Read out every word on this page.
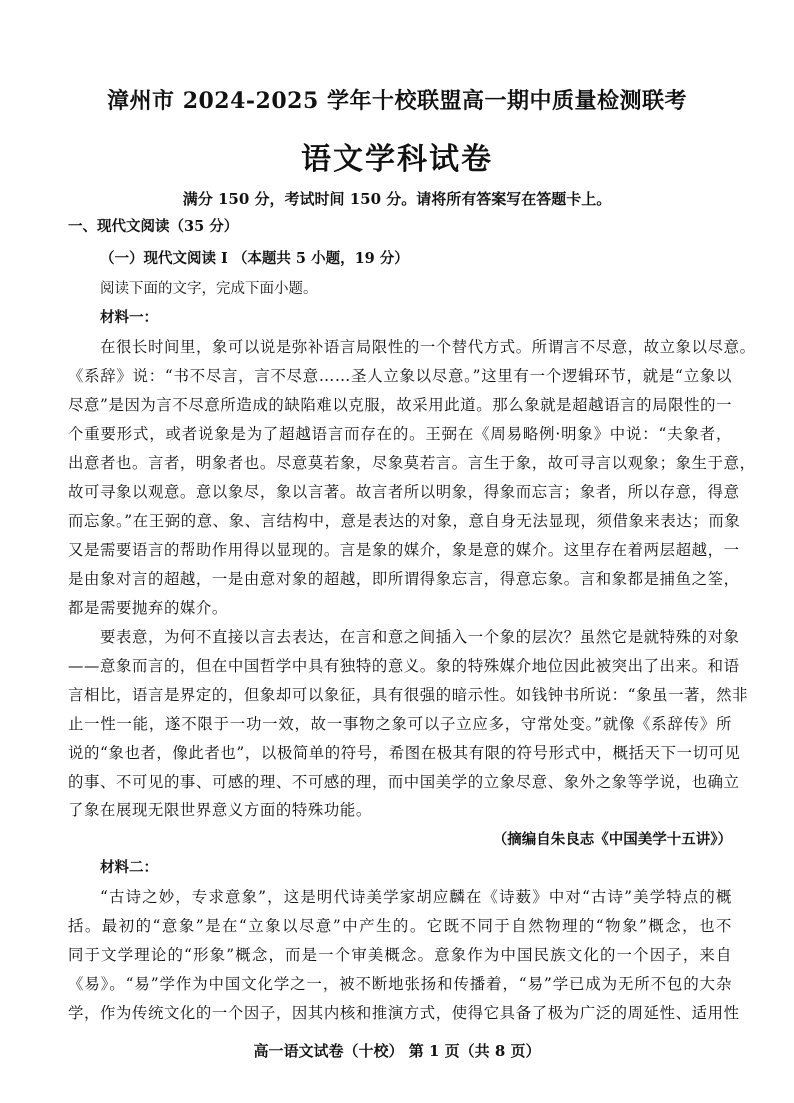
漳州市 2024-2025 学年十校联盟高一期中质量检测联考
语文学科试卷
满分 150 分，考试时间 150 分。请将所有答案写在答题卡上。
一、现代文阅读（35 分）
（一）现代文阅读 I （本题共 5 小题，19 分）
阅读下面的文字，完成下面小题。
材料一：
在很长时间里，象可以说是弥补语言局限性的一个替代方式。所谓言不尽意，故立象以尽意。
《系辞》说：“书不尽言，言不尽意……圣人立象以尽意。”这里有一个逻辑环节，就是“立象以
尽意”是因为言不尽意所造成的缺陷难以克服，故采用此道。那么象就是超越语言的局限性的一
个重要形式，或者说象是为了超越语言而存在的。王弼在《周易略例·明象》中说：“夫象者，
出意者也。言者，明象者也。尽意莫若象，尽象莫若言。言生于象，故可寻言以观象；象生于意，
故可寻象以观意。意以象尽，象以言著。故言者所以明象，得象而忘言；象者，所以存意，得意
而忘象。”在王弼的意、象、言结构中，意是表达的对象，意自身无法显现，须借象来表达；而象
又是需要语言的帮助作用得以显现的。言是象的媒介，象是意的媒介。这里存在着两层超越，一
是由象对言的超越，一是由意对象的超越，即所谓得象忘言，得意忘象。言和象都是捕鱼之筌，
都是需要抛弃的媒介。
要表意，为何不直接以言去表达，在言和意之间插入一个象的层次？虽然它是就特殊的对象
——意象而言的，但在中国哲学中具有独特的意义。象的特殊媒介地位因此被突出了出来。和语
言相比，语言是界定的，但象却可以象征，具有很强的暗示性。如钱钟书所说：“象虽一著，然非
止一性一能，遂不限于一功一效，故一事物之象可以子立应多，守常处变。”就像《系辞传》所
说的“象也者，像此者也”，以极简单的符号，希图在极其有限的符号形式中，概括天下一切可见
的事、不可见的事、可感的理、不可感的理，而中国美学的立象尽意、象外之象等学说，也确立
了象在展现无限世界意义方面的特殊功能。
（摘编自朱良志《中国美学十五讲》）
材料二：
“古诗之妙，专求意象”，这是明代诗美学家胡应麟在《诗薮》中对“古诗”美学特点的概
括。最初的“意象”是在“立象以尽意”中产生的。它既不同于自然物理的“物象”概念，也不
同于文学理论的“形象”概念，而是一个审美概念。意象作为中国民族文化的一个因子，来自
《易》。“易”学作为中国文化学之一，被不断地张扬和传播着，“易”学已成为无所不包的大杂
学，作为传统文化的一个因子，因其内核和推演方式，使得它具备了极为广泛的周延性、适用性
高一语文试卷（十校） 第 1 页（共 8 页）
